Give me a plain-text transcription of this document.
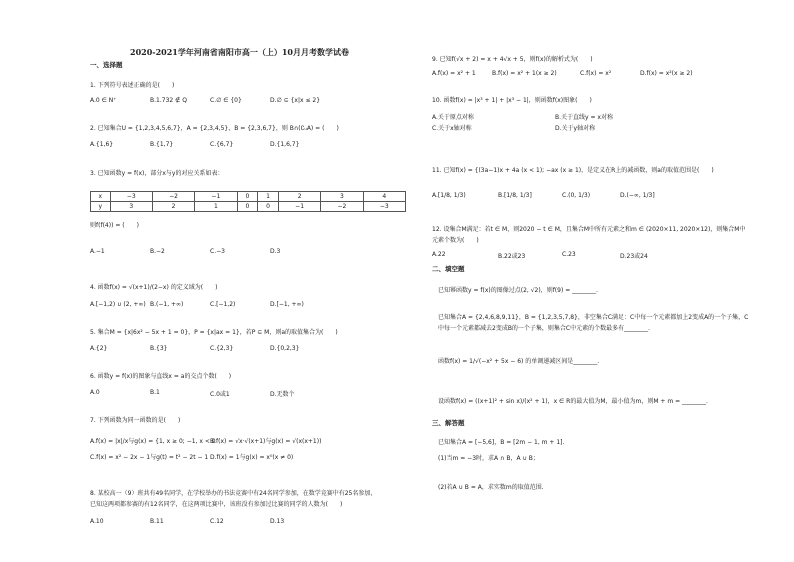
2020-2021学年河南省南阳市高一（上）10月月考数学试卷
一、选择题
1. 下列符号表述正确的是(　　)
A.0 ∈ N⁺	B.1.732 ∉ Q	C.∅ ∈ {0}	D.∅ ⊆ {x|x ≤ 2}
2. 已知集合U = {1,2,3,4,5,6,7}，A = {2,3,4,5}，B = {2,3,6,7}，则 B∩(∁ᵤA) = (　　)
A.{1,6}	B.{1,7}	C.{6,7}	D.{1,6,7}
3. 已知函数y = f(x)，部分x与y的对应关系如表：
x	−3	−2	−1	0	1	2	3	4
y	3	2	1	0	0	−1	−2	−3
则f(f(4)) = (　　)
A.−1	B.−2	C.−3	D.3
4. 函数f(x) = √(x+1)/(2−x) 的定义域为(　　)
A.[−1,2) ∪ (2, +∞) B.(−1, +∞)	C.[−1,2)	D.[−1, +∞)
5. 集合M = {x|6x² − 5x + 1 = 0}，P = {x|ax = 1}，若P ⊆ M，则a的取值集合为(　　)
A.{2}	B.{3}	C.{2,3}	D.{0,2,3}
6. 函数y = f(x)的图象与直线x = a的交点个数(　　)
A.0	B.1	C.0或1	D.无数个
7. 下列函数为同一函数的是(　　)
A.f(x) = |x|/x与g(x) = {1, x ≥ 0; −1, x < 0
B.f(x) = √x·√(x+1)与g(x) = √(x(x+1))
C.f(x) = x² − 2x − 1与g(t) = t² − 2t − 1 D.f(x) = 1与g(x) = x⁰(x ≠ 0)
8. 某校高一（9）班共有49名同学，在学校举办的书法竞赛中有24名同学参加，在数学竞赛中有25名参加，
已知这两项都参赛的有12名同学，在这两项比赛中，该班没有参加过比赛的同学的人数为(　　)
A.10	B.11	C.12	D.13
9. 已知f(√x + 2) = x + 4√x + 5，则f(x)的解析式为(　　)
A.f(x) = x² + 1	B.f(x) = x² + 1(x ≥ 2)	C.f(x) = x²	D.f(x) = x²(x ≥ 2)
10. 函数f(x) = |x³ + 1| + |x³ − 1|，则函数f(x)图象(　　)
A.关于原点对称	B.关于直线y = x对称
C.关于x轴对称	D.关于y轴对称
11. 已知f(x) = {(3a−1)x + 4a (x < 1); −ax (x ≥ 1)，是定义在R上的减函数，则a的取值范围是(　　)
A.[1/8, 1/3)	B.[1/8, 1/3]	C.(0, 1/3)	D.(−∞, 1/3]
12. 设集合M满足：若t ∈ M，则2020 − t ∈ M，且集合M中所有元素之和m ∈ (2020×11, 2020×12)，则集合M中
元素个数为(　　)
A.22	B.22或23	C.23	D.23或24
二、填空题
已知幂函数y = f(x)的图像过点(2, √2)，则f(9) = ________.
已知集合A = {2,4,6,8,9,11}，B = {1,2,3,5,7,8}，非空集合C满足：C中每一个元素都加上2变成A的一个子集，C
中每一个元素都减去2变成B的一个子集，则集合C中元素的个数最多有________.
函数f(x) = 1/√(−x² + 5x − 6) 的单调递减区间是________.
设函数f(x) = ((x+1)² + sin x)/(x² + 1)，x ∈ R的最大值为M，最小值为m，则M + m = ________.
三、解答题
已知集合A = [−5,6]，B = [2m − 1, m + 1].
(1)当m = −3时，求A ∩ B，A ∪ B；
(2)若A ∪ B = A，求实数m的取值范围.
